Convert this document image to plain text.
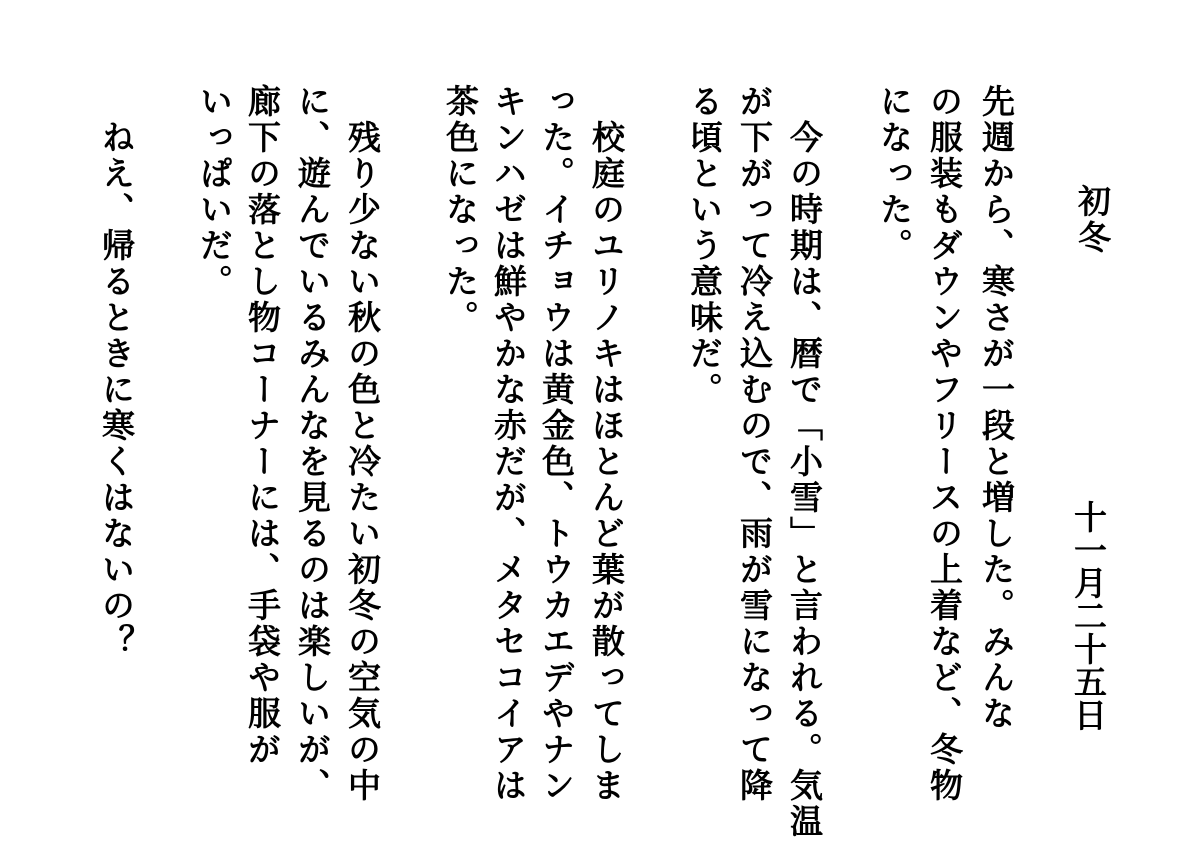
初冬
十一月二十五日
先週から、寒さが一段と増した。みんな
の服装もダウンやフリースの上着など、冬物
になった。
今の時期は、暦で「小雪」と言われる。気温
が下がって冷え込むので、雨が雪になって降
る頃という意味だ。
校庭のユリノキはほとんど葉が散ってしま
った。イチョウは黄金色、トウカエデやナン
キンハゼは鮮やかな赤だが、メタセコイアは
茶色になった。
残り少ない秋の色と冷たい初冬の空気の中
に、遊んでいるみんなを見るのは楽しいが、
廊下の落とし物コーナーには、手袋や服が
いっぱいだ。
ねえ、帰るときに寒くはないの？
